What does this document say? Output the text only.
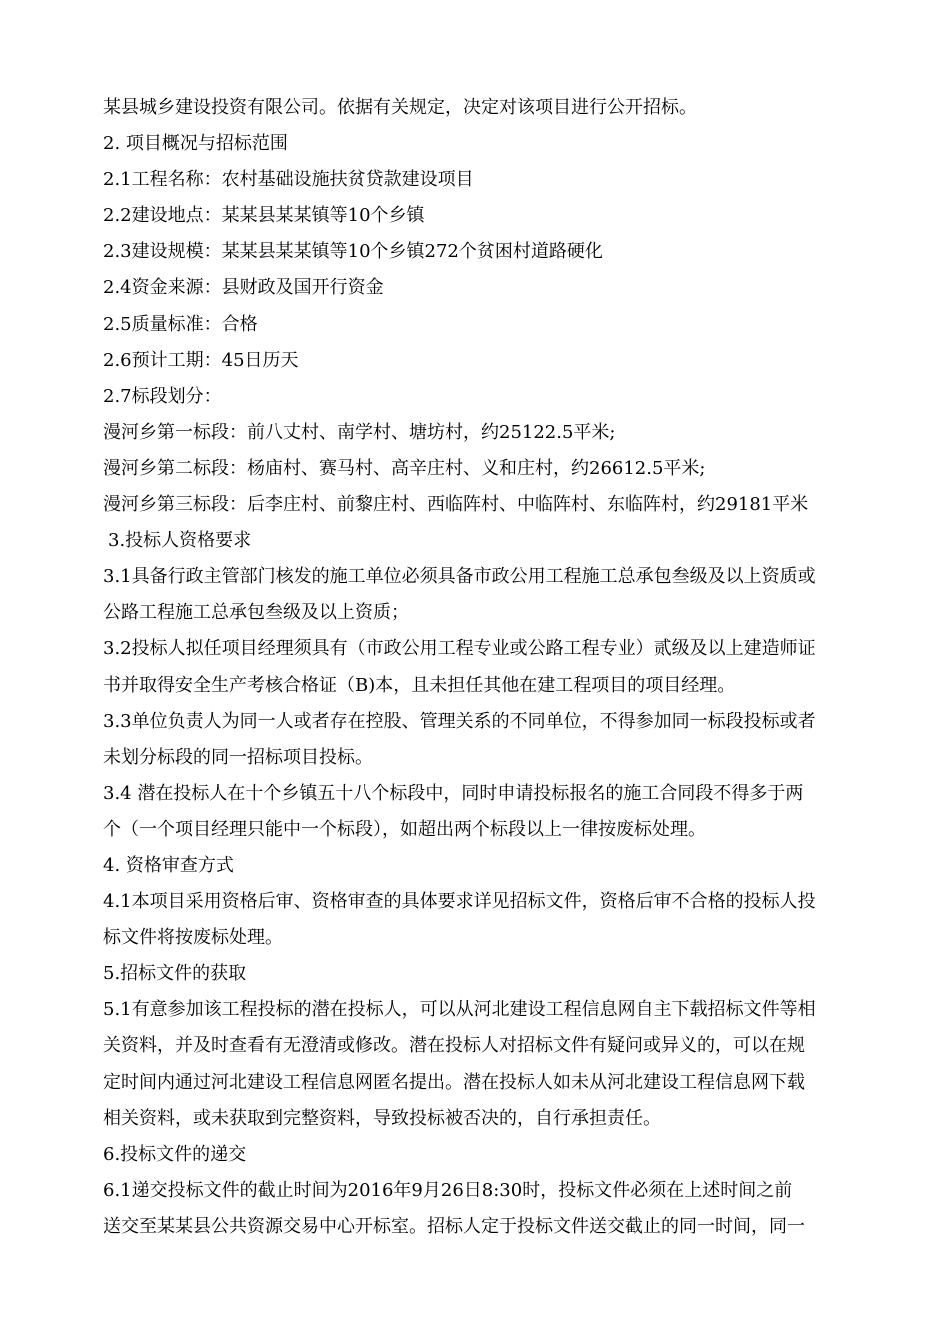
某县城乡建设投资有限公司。依据有关规定，决定对该项目进行公开招标。
2. 项目概况与招标范围
2.1工程名称：农村基础设施扶贫贷款建设项目
2.2建设地点：某某县某某镇等10个乡镇
2.3建设规模：某某县某某镇等10个乡镇272个贫困村道路硬化
2.4资金来源：县财政及国开行资金
2.5质量标准：合格
2.6预计工期：45日历天
2.7标段划分：
漫河乡第一标段：前八丈村、南学村、塘坊村，约25122.5平米;
漫河乡第二标段：杨庙村、赛马村、高辛庄村、义和庄村，约26612.5平米;
漫河乡第三标段：后李庄村、前黎庄村、西临阵村、中临阵村、东临阵村，约29181平米
3.投标人资格要求
3.1具备行政主管部门核发的施工单位必须具备市政公用工程施工总承包叁级及以上资质或
公路工程施工总承包叁级及以上资质；
3.2投标人拟任项目经理须具有（市政公用工程专业或公路工程专业）贰级及以上建造师证
书并取得安全生产考核合格证（B)本，且未担任其他在建工程项目的项目经理。
3.3单位负责人为同一人或者存在控股、管理关系的不同单位，不得参加同一标段投标或者
未划分标段的同一招标项目投标。
3.4 潜在投标人在十个乡镇五十八个标段中，同时申请投标报名的施工合同段不得多于两
个（一个项目经理只能中一个标段），如超出两个标段以上一律按废标处理。
4. 资格审查方式
4.1本项目采用资格后审、资格审查的具体要求详见招标文件，资格后审不合格的投标人投
标文件将按废标处理。
5.招标文件的获取
5.1有意参加该工程投标的潜在投标人，可以从河北建设工程信息网自主下载招标文件等相
关资料，并及时查看有无澄清或修改。潜在投标人对招标文件有疑问或异义的，可以在规
定时间内通过河北建设工程信息网匿名提出。潜在投标人如未从河北建设工程信息网下载
相关资料，或未获取到完整资料，导致投标被否决的，自行承担责任。
6.投标文件的递交
6.1递交投标文件的截止时间为2016年9月26日8:30时，投标文件必须在上述时间之前
送交至某某县公共资源交易中心开标室。招标人定于投标文件送交截止的同一时间，同一
